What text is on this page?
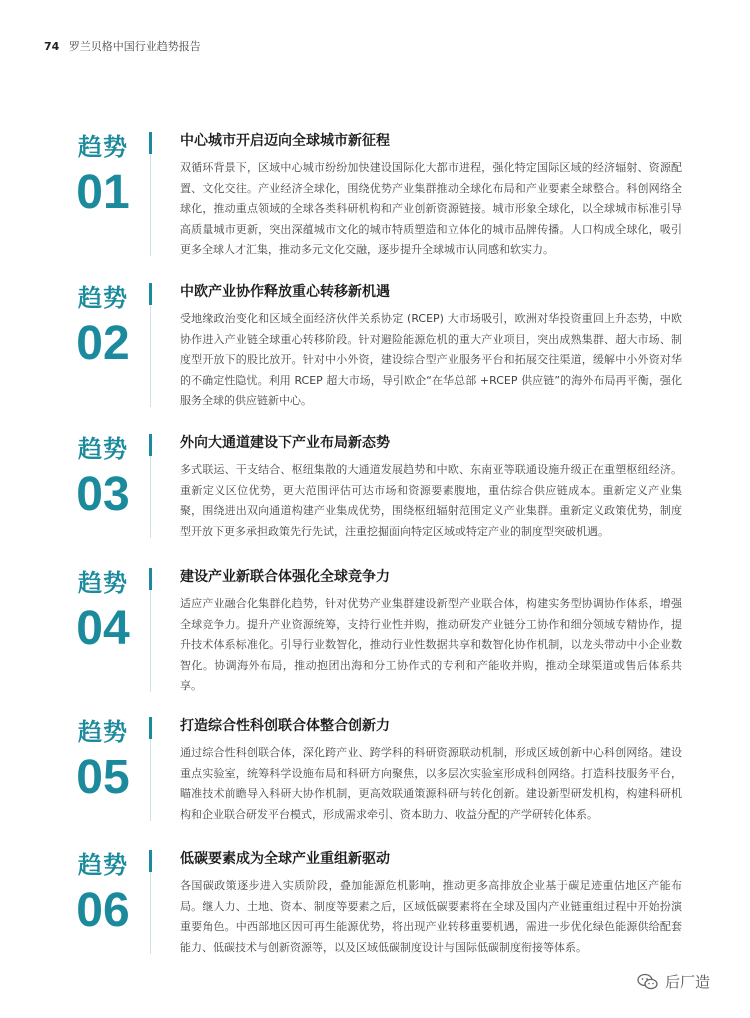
74 罗兰贝格中国行业趋势报告
趋势
01
中心城市开启迈向全球城市新征程
双循环背景下，区域中心城市纷纷加快建设国际化大都市进程，强化特定国际区域的经济辐射、资源配置、文化交往。产业经济全球化，围绕优势产业集群推动全球化布局和产业要素全球整合。科创网络全球化，推动重点领域的全球各类科研机构和产业创新资源链接。城市形象全球化，以全球城市标准引导高质量城市更新，突出深蕴城市文化的城市特质塑造和立体化的城市品牌传播。人口构成全球化，吸引更多全球人才汇集，推动多元文化交融，逐步提升全球城市认同感和软实力。
趋势
02
中欧产业协作释放重心转移新机遇
受地缘政治变化和区域全面经济伙伴关系协定 (RCEP) 大市场吸引，欧洲对华投资重回上升态势，中欧协作进入产业链全球重心转移阶段。针对避险能源危机的重大产业项目，突出成熟集群、超大市场、制度型开放下的股比放开。针对中小外资，建设综合型产业服务平台和拓展交往渠道，缓解中小外资对华的不确定性隐忧。利用 RCEP 超大市场，导引欧企“在华总部 +RCEP 供应链”的海外布局再平衡，强化服务全球的供应链新中心。
趋势
03
外向大通道建设下产业布局新态势
多式联运、干支结合、枢纽集散的大通道发展趋势和中欧、东南亚等联通设施升级正在重塑枢纽经济。重新定义区位优势，更大范围评估可达市场和资源要素腹地，重估综合供应链成本。重新定义产业集聚，围绕进出双向通道构建产业集成优势，围绕枢纽辐射范围定义产业集群。重新定义政策优势，制度型开放下更多承担政策先行先试，注重挖掘面向特定区域或特定产业的制度型突破机遇。
趋势
04
建设产业新联合体强化全球竞争力
适应产业融合化集群化趋势，针对优势产业集群建设新型产业联合体，构建实务型协调协作体系，增强全球竞争力。提升产业资源统筹，支持行业性并购，推动研发产业链分工协作和细分领域专精协作，提升技术体系标准化。引导行业数智化，推动行业性数据共享和数智化协作机制，以龙头带动中小企业数智化。协调海外布局，推动抱团出海和分工协作式的专利和产能收并购，推动全球渠道或售后体系共享。
趋势
05
打造综合性科创联合体整合创新力
通过综合性科创联合体，深化跨产业、跨学科的科研资源联动机制，形成区域创新中心科创网络。建设重点实验室，统筹科学设施布局和科研方向聚焦，以多层次实验室形成科创网络。打造科技服务平台，瞄准技术前瞻导入科研大协作机制，更高效联通策源科研与转化创新。建设新型研发机构，构建科研机构和企业联合研发平台模式，形成需求牵引、资本助力、收益分配的产学研转化体系。
趋势
06
低碳要素成为全球产业重组新驱动
各国碳政策逐步进入实质阶段，叠加能源危机影响，推动更多高排放企业基于碳足迹重估地区产能布局。继人力、土地、资本、制度等要素之后，区域低碳要素将在全球及国内产业链重组过程中开始扮演重要角色。中西部地区因可再生能源优势，将出现产业转移重要机遇，需进一步优化绿色能源供给配套能力、低碳技术与创新资源等，以及区域低碳制度设计与国际低碳制度衔接等体系。
后厂造
